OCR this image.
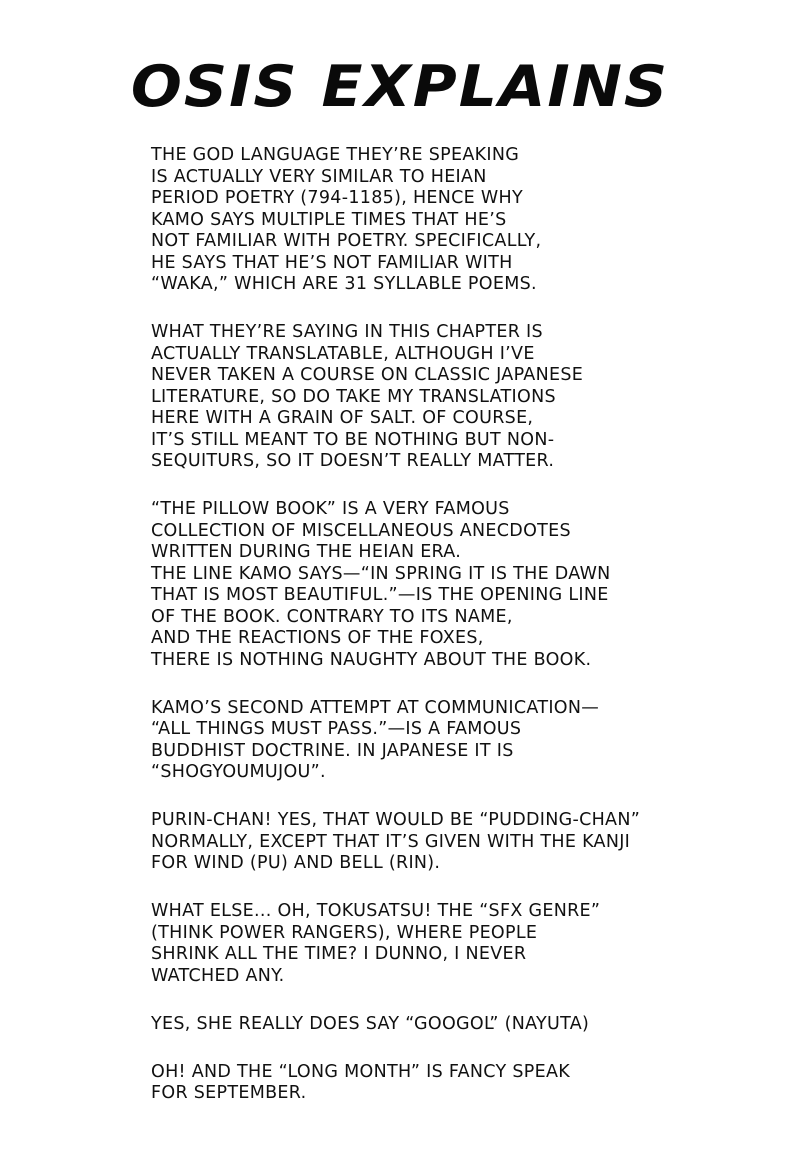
OSIS EXPLAINS
THE GOD LANGUAGE THEY’RE SPEAKING
IS ACTUALLY VERY SIMILAR TO HEIAN
PERIOD POETRY (794-1185), HENCE WHY
KAMO SAYS MULTIPLE TIMES THAT HE’S
NOT FAMILIAR WITH POETRY. SPECIFICALLY,
HE SAYS THAT HE’S NOT FAMILIAR WITH
“WAKA,” WHICH ARE 31 SYLLABLE POEMS.
WHAT THEY’RE SAYING IN THIS CHAPTER IS
ACTUALLY TRANSLATABLE, ALTHOUGH I’VE
NEVER TAKEN A COURSE ON CLASSIC JAPANESE
LITERATURE, SO DO TAKE MY TRANSLATIONS
HERE WITH A GRAIN OF SALT. OF COURSE,
IT’S STILL MEANT TO BE NOTHING BUT NON-
SEQUITURS, SO IT DOESN’T REALLY MATTER.
“THE PILLOW BOOK” IS A VERY FAMOUS
COLLECTION OF MISCELLANEOUS ANECDOTES
WRITTEN DURING THE HEIAN ERA.
THE LINE KAMO SAYS—“IN SPRING IT IS THE DAWN
THAT IS MOST BEAUTIFUL.”—IS THE OPENING LINE
OF THE BOOK. CONTRARY TO ITS NAME,
AND THE REACTIONS OF THE FOXES,
THERE IS NOTHING NAUGHTY ABOUT THE BOOK.
KAMO’S SECOND ATTEMPT AT COMMUNICATION—
“ALL THINGS MUST PASS.”—IS A FAMOUS
BUDDHIST DOCTRINE. IN JAPANESE IT IS
“SHOGYOUMUJOU”.
PURIN-CHAN! YES, THAT WOULD BE “PUDDING-CHAN”
NORMALLY, EXCEPT THAT IT’S GIVEN WITH THE KANJI
FOR WIND (PU) AND BELL (RIN).
WHAT ELSE... OH, TOKUSATSU! THE “SFX GENRE”
(THINK POWER RANGERS), WHERE PEOPLE
SHRINK ALL THE TIME? I DUNNO, I NEVER
WATCHED ANY.
YES, SHE REALLY DOES SAY “GOOGOL” (NAYUTA)
OH! AND THE “LONG MONTH” IS FANCY SPEAK
FOR SEPTEMBER.
